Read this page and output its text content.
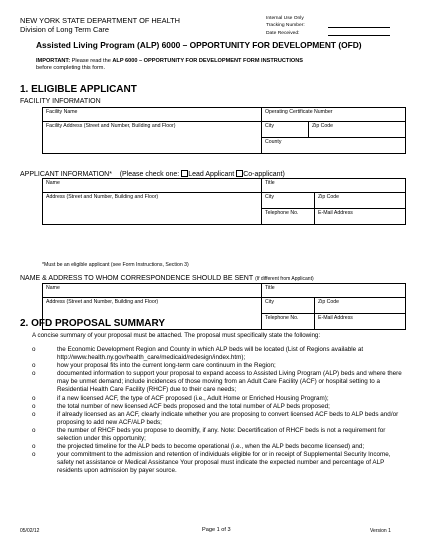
NEW YORK STATE DEPARTMENT OF HEALTH
Division of Long Term Care
Internal Use Only
Tracking Number:
Date Received:
Assisted Living Program (ALP) 6000 – OPPORTUNITY FOR DEVELOPMENT (OFD)
IMPORTANT: Please read the ALP 6000 – OPPORTUNITY FOR DEVELOPMENT FORM INSTRUCTIONS
before completing this form.
1. ELIGIBLE APPLICANT
FACILITY INFORMATION
Facility Name	Operating Certificate Number	
Facility Address (Street and Number, Building and Floor)	City	Zip Code
	County	
APPLICANT INFORMATION* (Please check one: Lead Applicant Co-applicant)
Name	Title	
Address (Street and Number, Building and Floor)	City	Zip Code
	Telephone No.	E-Mail Address
*Must be an eligible applicant (see Form Instructions, Section 3)
NAME & ADDRESS TO WHOM CORRESPONDENCE SHOULD BE SENT (If different from Applicant)
Name	Title	
Address (Street and Number, Building and Floor)	City	Zip Code
	Telephone No.	E-Mail Address
2. OFD PROPOSAL SUMMARY
A concise summary of your proposal must be attached. The proposal must specifically state the following:
o	the Economic Development Region and County in which ALP beds will be located (List of Regions available at http://www.health.ny.gov/health_care/medicaid/redesign/index.htm);
o	how your proposal fits into the current long-term care continuum in the Region;
o	documented information to support your proposal to expand access to Assisted Living Program (ALP) beds and where there may be unmet demand; include incidences of those moving from an Adult Care Facility (ACF) or hospital setting to a Residential Health Care Facility (RHCF) due to their care needs;
o	if a new licensed ACF, the type of ACF proposed (i.e., Adult Home or Enriched Housing Program);
o	the total number of new licensed ACF beds proposed and the total number of ALP beds proposed;
o	if already licensed as an ACF, clearly indicate whether you are proposing to convert licensed ACF beds to ALP beds and/or proposing to add new ACF/ALP beds;
o	the number of RHCF beds you propose to deomitfy, if any. Note: Decertification of RHCF beds is not a requirement for selection under this opportunity;
o	the projected timeline for the ALP beds to become operational (i.e., when the ALP beds become licensed) and;
o	your commitment to the admission and retention of individuals eligible for or in receipt of Supplemental Security Income, safety net assistance or Medical Assistance Your proposal must indicate the expected number and percentage of ALP residents upon admission by payer source.
05/02/12	Page 1 of 3	Version 1
